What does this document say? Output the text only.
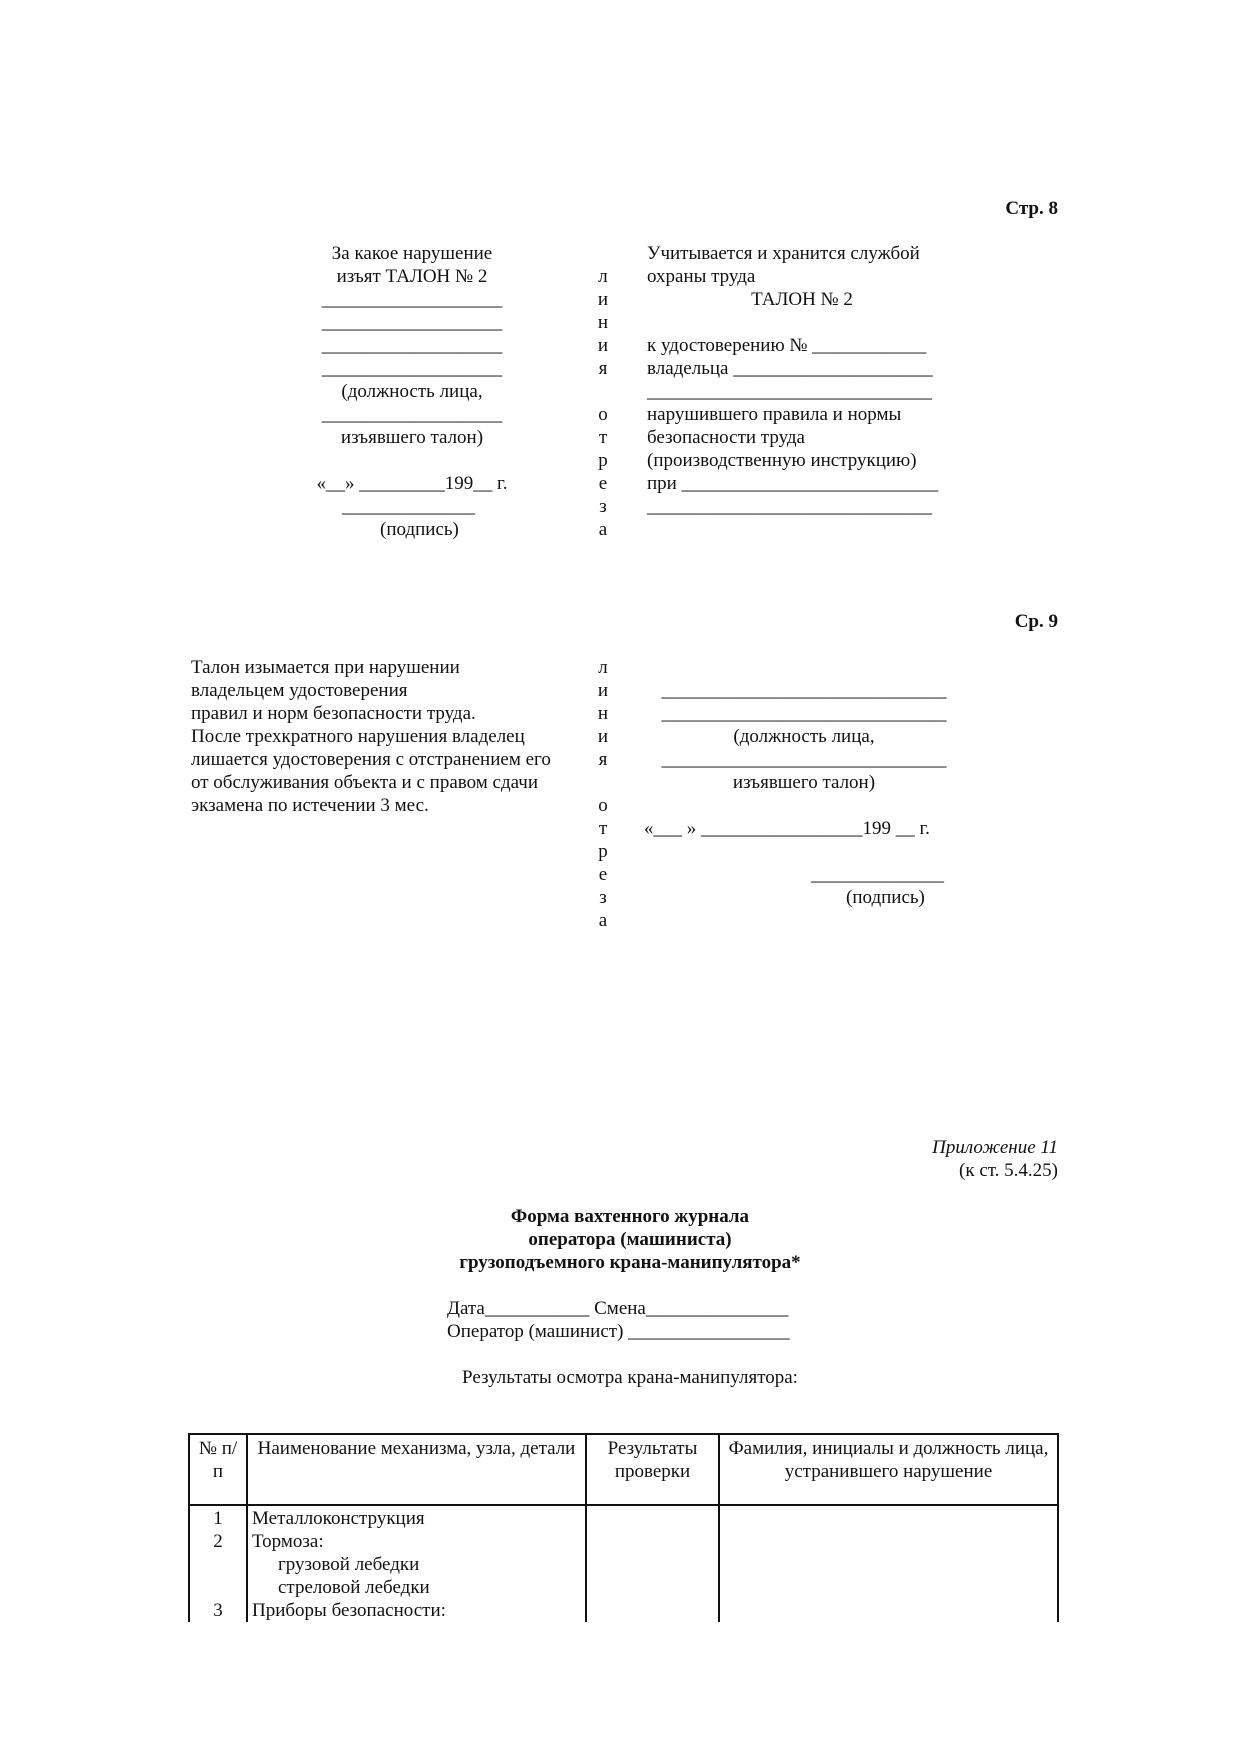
Стр. 8
За какое нарушение
изъят ТАЛОН № 2
___________________
___________________
___________________
___________________
(должность лица,
___________________
изъявшего талон)
«__» _________199__ г.
______________
(подпись)
л
и
н
и
я
о
т
р
е
з
а
Учитывается и хранится службой
охраны труда
ТАЛОН № 2
к удостоверению № ____________
владельца _____________________
______________________________
нарушившего правила и нормы
безопасности труда
(производственную инструкцию)
при ___________________________
______________________________
Ср. 9
Талон изымается при нарушении
владельцем удостоверения
правил и норм безопасности труда.
После трехкратного нарушения владелец
лишается удостоверения с отстранением его
от обслуживания объекта и с правом сдачи
экзамена по истечении 3 мес.
л
и
н
и
я
о
т
р
е
з
а
______________________________
______________________________
(должность лица,
______________________________
изъявшего талон)
«___ » _________________199 __ г.
______________
(подпись)
Приложение 11
(к ст. 5.4.25)
Форма вахтенного журнала
оператора (машиниста)
грузоподъемного крана-манипулятора*
Дата___________ Смена_______________
Оператор (машинист) _________________
Результаты осмотра крана-манипулятора:
№ п/п	Наименование механизма, узла, детали	Результаты проверки	Фамилия, инициалы и должность лица, устранившего нарушение
1	Металлоконструкция		
2	Тормоза:		
	грузовой лебедки		
	стреловой лебедки		
3	Приборы безопасности:		
